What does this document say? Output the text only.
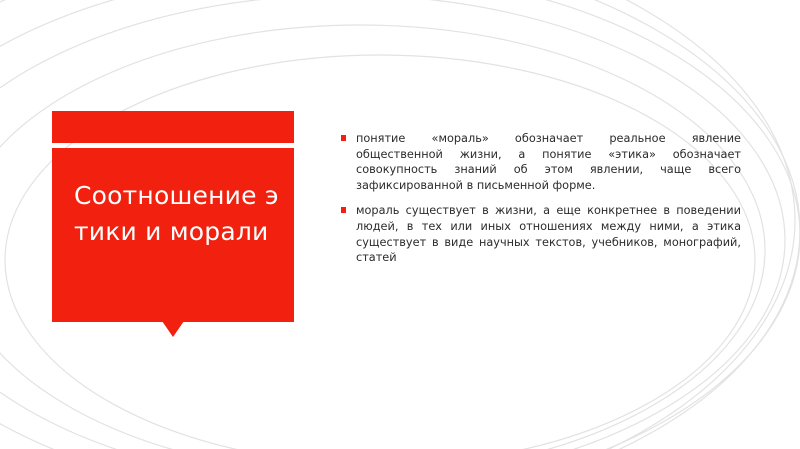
Соотношение этики и морали
понятие «мораль» обозначает реальное явление общественной жизни, а понятие «этика» обозначает совокупность знаний об этом явлении, чаще всего зафиксированной в письменной форме.
мораль существует в жизни, а еще конкретнее в поведении людей, в тех или иных отношениях между ними, а этика существует в виде научных текстов, учебников, монографий, статей
